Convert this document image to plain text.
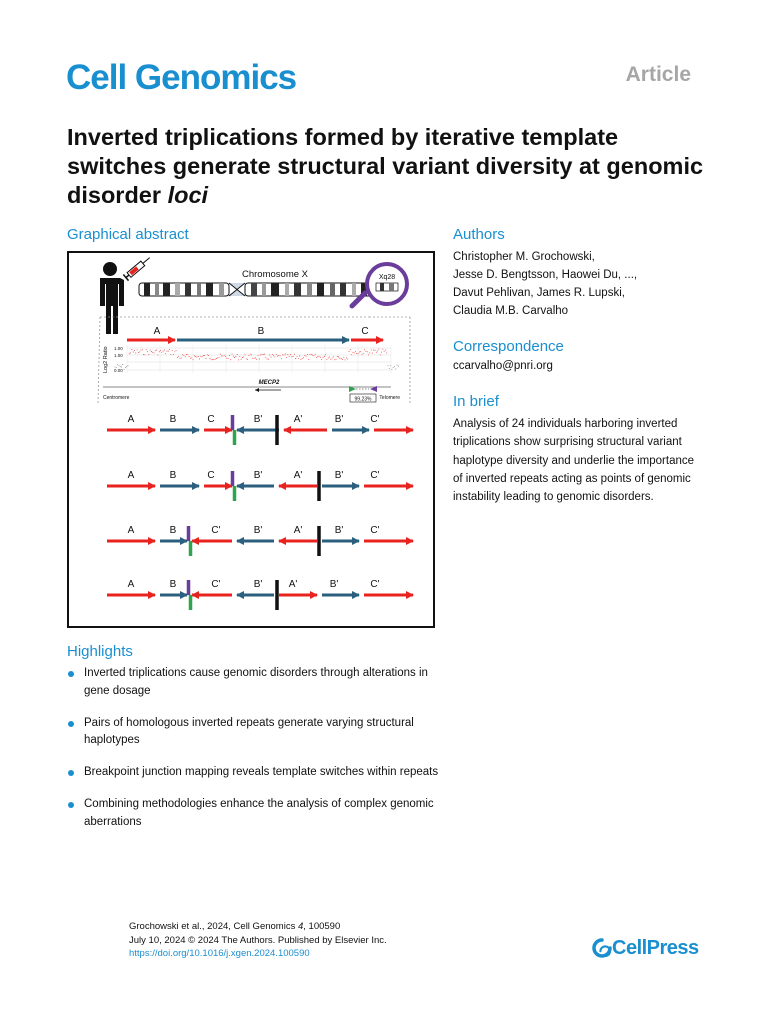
Cell Genomics	Article
Inverted triplications formed by iterative template switches generate structural variant diversity at genomic disorder loci
Graphical abstract
Chromosome X	Xq28
A	B	C
Log2 Ratio 1.00
1.00
0.00
Centromere	Telomere
MECP2
99.23%
A	B	C	B'	A'	B'	C'
A	B	C	B'	A'	B'	C'
A	B	C'	B'	A'	B'	C'
A	B	C'	B'	A'	B'	C'
Authors
Christopher M. Grochowski,
Jesse D. Bengtsson, Haowei Du, ...,
Davut Pehlivan, James R. Lupski,
Claudia M.B. Carvalho
Correspondence
ccarvalho@pnri.org
In brief
Analysis of 24 individuals harboring inverted triplications show surprising structural variant haplotype diversity and underlie the importance of inverted repeats acting as points of genomic instability leading to genomic disorders.
Highlights
Inverted triplications cause genomic disorders through alterations in gene dosage
Pairs of homologous inverted repeats generate varying structural haplotypes
Breakpoint junction mapping reveals template switches within repeats
Combining methodologies enhance the analysis of complex genomic aberrations
Grochowski et al., 2024, Cell Genomics 4, 100590
July 10, 2024 © 2024 The Authors. Published by Elsevier Inc.
https://doi.org/10.1016/j.xgen.2024.100590	CellPress
